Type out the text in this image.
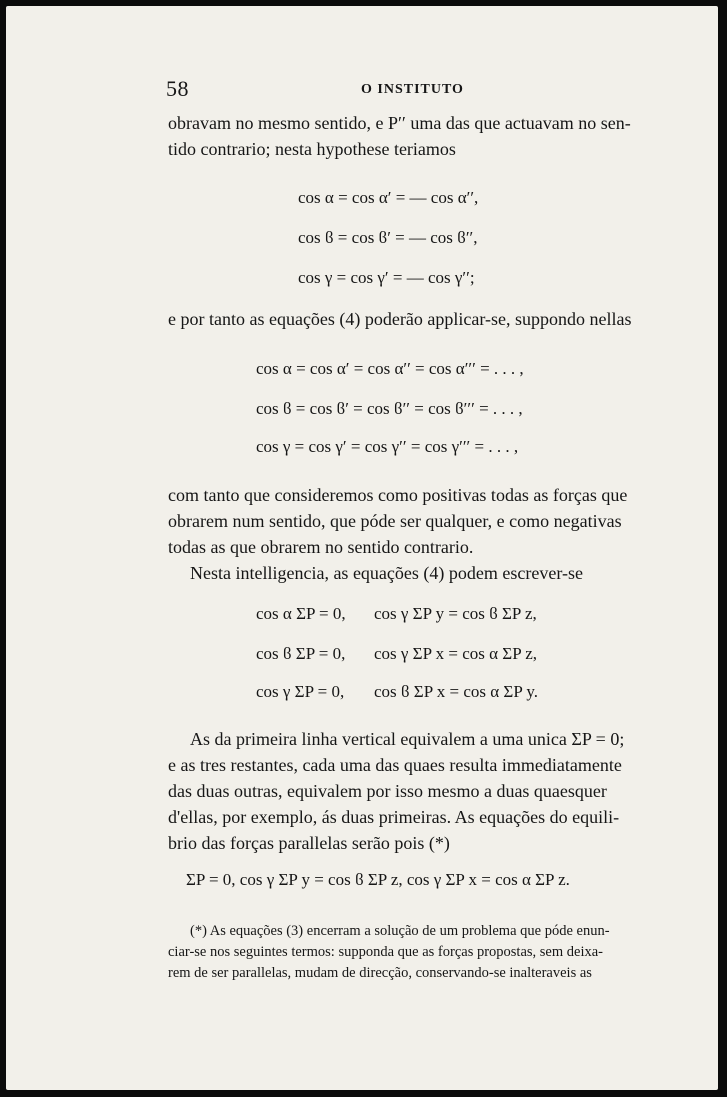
58	O INSTITUTO

obravam no mesmo sentido, e P′′ uma das que actuavam no sen-

tido contrario; nesta hypothese teriamos

cos α = cos α′ = — cos α′′,
cos ϐ = cos ϐ′ = — cos ϐ′′,
cos γ = cos γ′ = — cos γ′′;

e por tanto as equações (4) poderão applicar-se, suppondo nellas

cos α = cos α′ = cos α′′ = cos α′′′ = . . . ,
cos ϐ = cos ϐ′ = cos ϐ′′ = cos ϐ′′′ = . . . ,
cos γ = cos γ′ = cos γ′′ = cos γ′′′ = . . . ,

com tanto que consideremos como positivas todas as forças que

obrarem num sentido, que póde ser qualquer, e como negativas

todas as que obrarem no sentido contrario.

Nesta intelligencia, as equações (4) podem escrever-se

cos α ΣP = 0, cos γ ΣP y = cos ϐ ΣP z,
cos ϐ ΣP = 0, cos γ ΣP x = cos α ΣP z,
cos γ ΣP = 0, cos ϐ ΣP x = cos α ΣP y.

As da primeira linha vertical equivalem a uma unica ΣP = 0;

e as tres restantes, cada uma das quaes resulta immediatamente

das duas outras, equivalem por isso mesmo a duas quaesquer

d'ellas, por exemplo, ás duas primeiras. As equações do equili-

brio das forças parallelas serão pois (*)

ΣP = 0, cos γ ΣP y = cos ϐ ΣP z, cos γ ΣP x = cos α ΣP z.

(*) As equações (3) encerram a solução de um problema que póde enun-

ciar-se nos seguintes termos: supponda que as forças propostas, sem deixa-

rem de ser parallelas, mudam de direcção, conservando-se inalteraveis as
